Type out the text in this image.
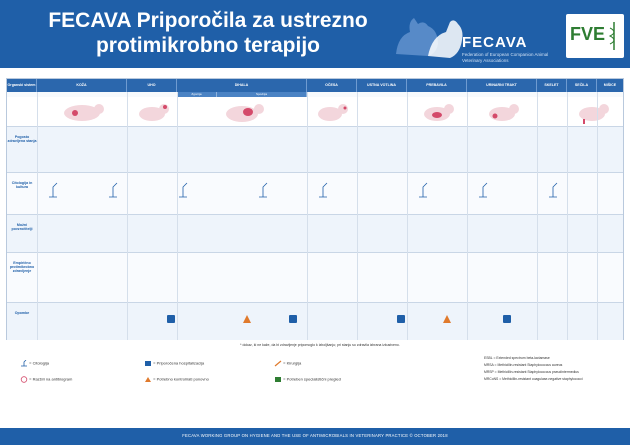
FECAVA Priporočila za ustrezno protimikrobno terapijo	FECAVA
Federation of European Companion Animal Veterinary Associations
FVE
Organski sistem	KOŽA	UHO	DIHALA	OČESA	USTNA VOTLINA	PREBAVILA	URINARNI TRAKT	SKELET	SEČILA	MIŠICE
Zgornja	Spodnja
Pogosto zdravljena stanja
Citologija in kultura
Možni povzročitelji
Empirično protimikrobno zdravljenje
Opombe
* dokaz, ki ne kaže, da bi zdravljenje pripomoglo k izboljšanju; pri stanju so zdravila izbrana izkustveno.
= Citologija	= Priporočena hospitalizacija	= Kirurgija
= Razširi na antibiogram	= Potrebno kontrolirati ponovno	= Potreben specialistični pregled
ESBL = Extended spectrum beta-lactamase
MRSA = Methicillin-resistant Staphylococcus aureus
MRSP = Methicillin-resistant Staphylococcus pseudintermedius
MRCoNS = Methicillin-resistant coagulase-negative staphylococci
FECAVA WORKING GROUP ON HYGIENE AND THE USE OF ANTIMICROBIALS IN VETERINARY PRACTICE © OCTOBER 2018
